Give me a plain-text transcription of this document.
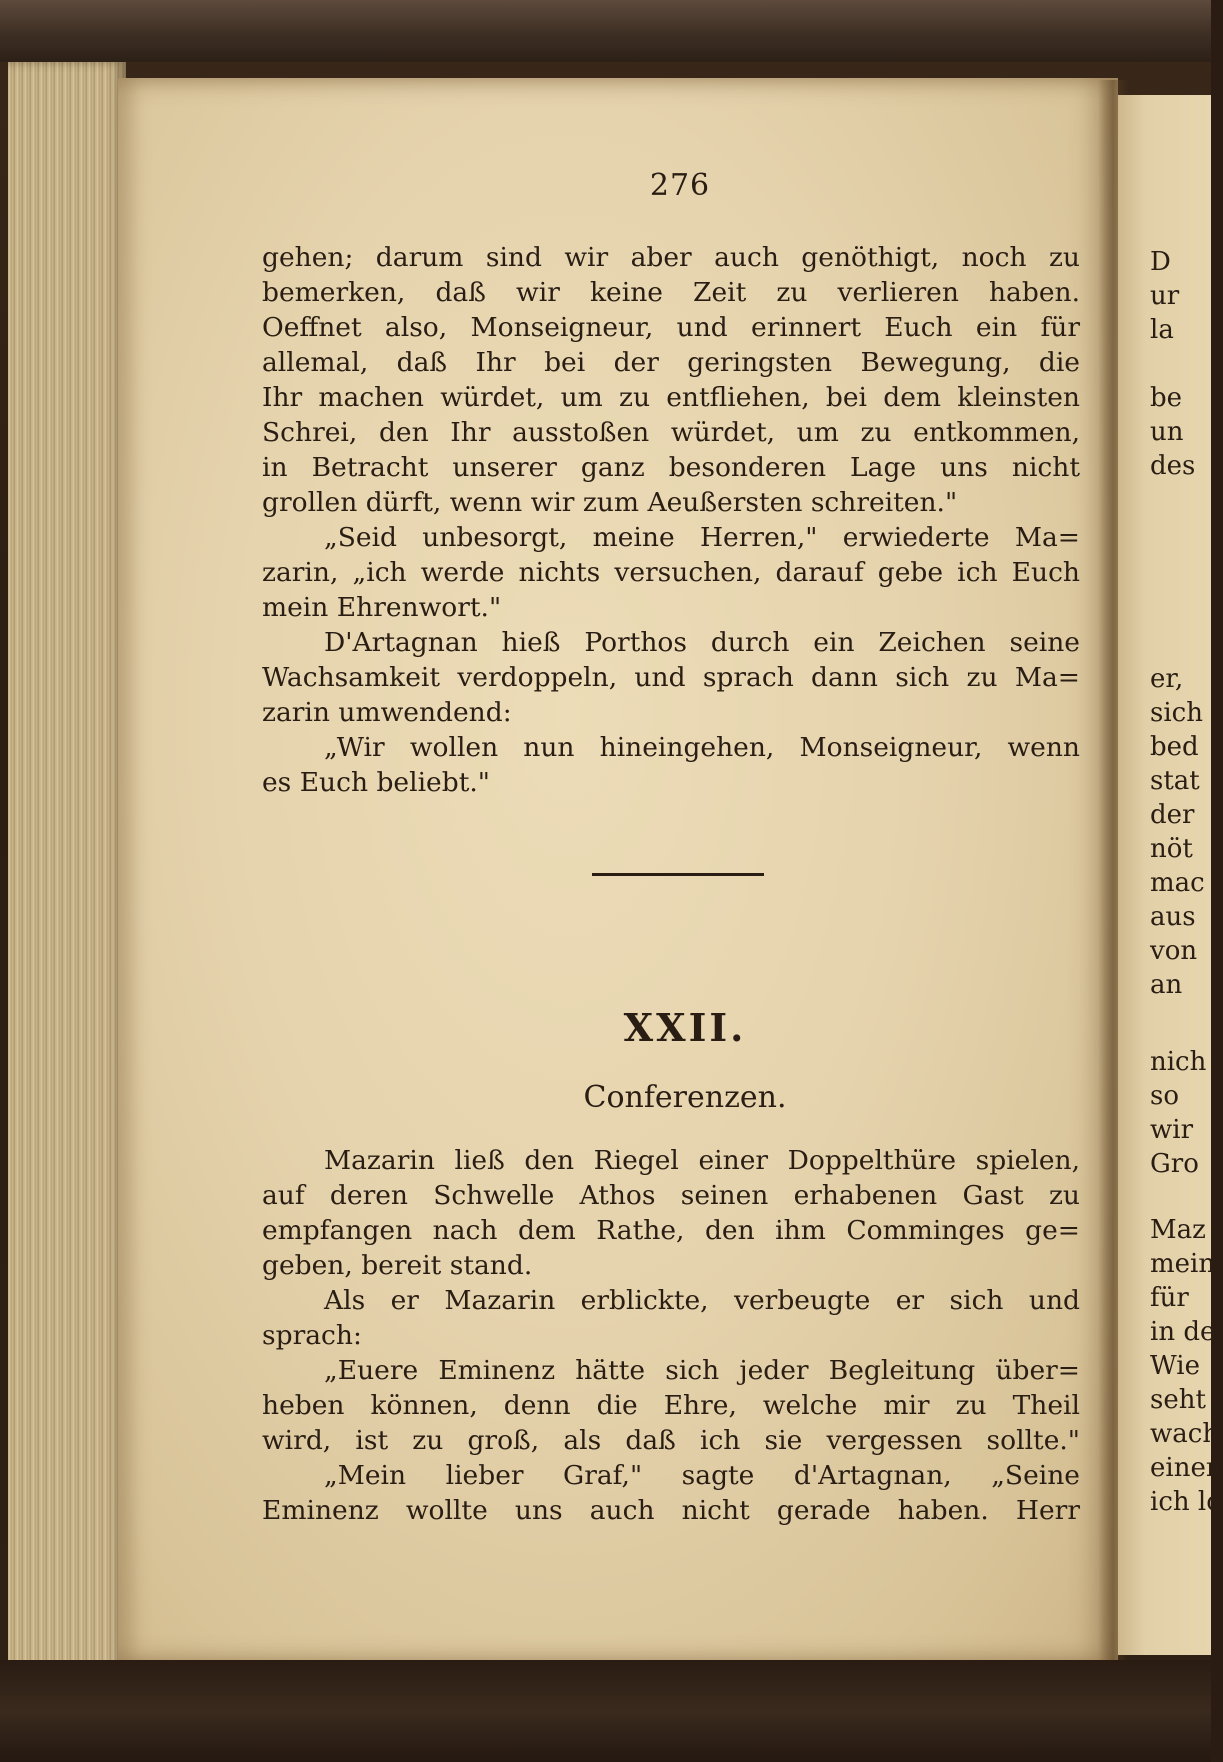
276
gehen; darum sind wir aber auch genöthigt, noch zu
bemerken, daß wir keine Zeit zu verlieren haben.
Oeffnet also, Monseigneur, und erinnert Euch ein für
allemal, daß Ihr bei der geringsten Bewegung, die
Ihr machen würdet, um zu entfliehen, bei dem kleinsten
Schrei, den Ihr ausstoßen würdet, um zu entkommen,
in Betracht unserer ganz besonderen Lage uns nicht
grollen dürft, wenn wir zum Aeußersten schreiten."
„Seid unbesorgt, meine Herren," erwiederte Ma=
zarin, „ich werde nichts versuchen, darauf gebe ich Euch
mein Ehrenwort."
D'Artagnan hieß Porthos durch ein Zeichen seine
Wachsamkeit verdoppeln, und sprach dann sich zu Ma=
zarin umwendend:
„Wir wollen nun hineingehen, Monseigneur, wenn
es Euch beliebt."
XXII.
Conferenzen.
Mazarin ließ den Riegel einer Doppelthüre spielen,
auf deren Schwelle Athos seinen erhabenen Gast zu
empfangen nach dem Rathe, den ihm Comminges ge=
geben, bereit stand.
Als er Mazarin erblickte, verbeugte er sich und
sprach:
„Euere Eminenz hätte sich jeder Begleitung über=
heben können, denn die Ehre, welche mir zu Theil
wird, ist zu groß, als daß ich sie vergessen sollte."
„Mein lieber Graf," sagte d'Artagnan, „Seine
Eminenz wollte uns auch nicht gerade haben. Herr
D
ur
la
be
un
des
er,
sich
bed
stat
der
nöt
mac
aus
von
an
nich
so
wir
Gro
Maz
mein
für
in de
Wie
seht
wach
einen
ich lo
